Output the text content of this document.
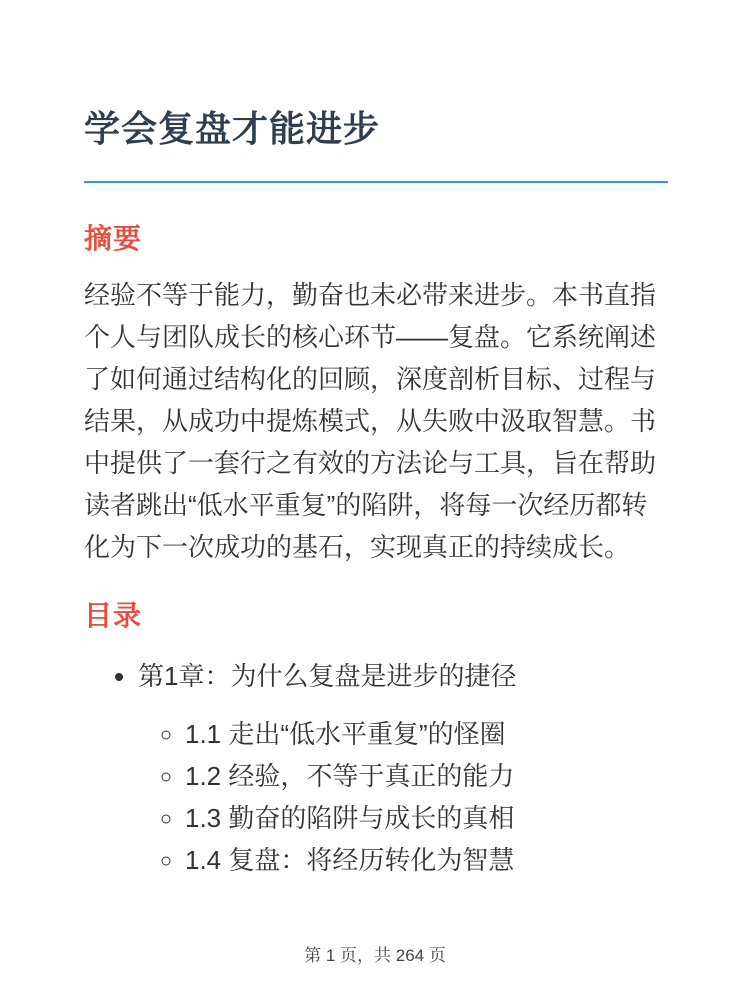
学会复盘才能进步
摘要

经验不等于能力，勤奋也未必带来进步。本书直指个人与团队成长的核心环节——复盘。它系统阐述了如何通过结构化的回顾，深度剖析目标、过程与结果，从成功中提炼模式，从失败中汲取智慧。书中提供了一套行之有效的方法论与工具，旨在帮助读者跳出“低水平重复”的陷阱，将每一次经历都转化为下一次成功的基石，实现真正的持续成长。

目录
• 第1章：为什么复盘是进步的捷径
◦ 1.1 走出“低水平重复”的怪圈
◦ 1.2 经验，不等于真正的能力
◦ 1.3 勤奋的陷阱与成长的真相
◦ 1.4 复盘：将经历转化为智慧
第 1 页，共 264 页
